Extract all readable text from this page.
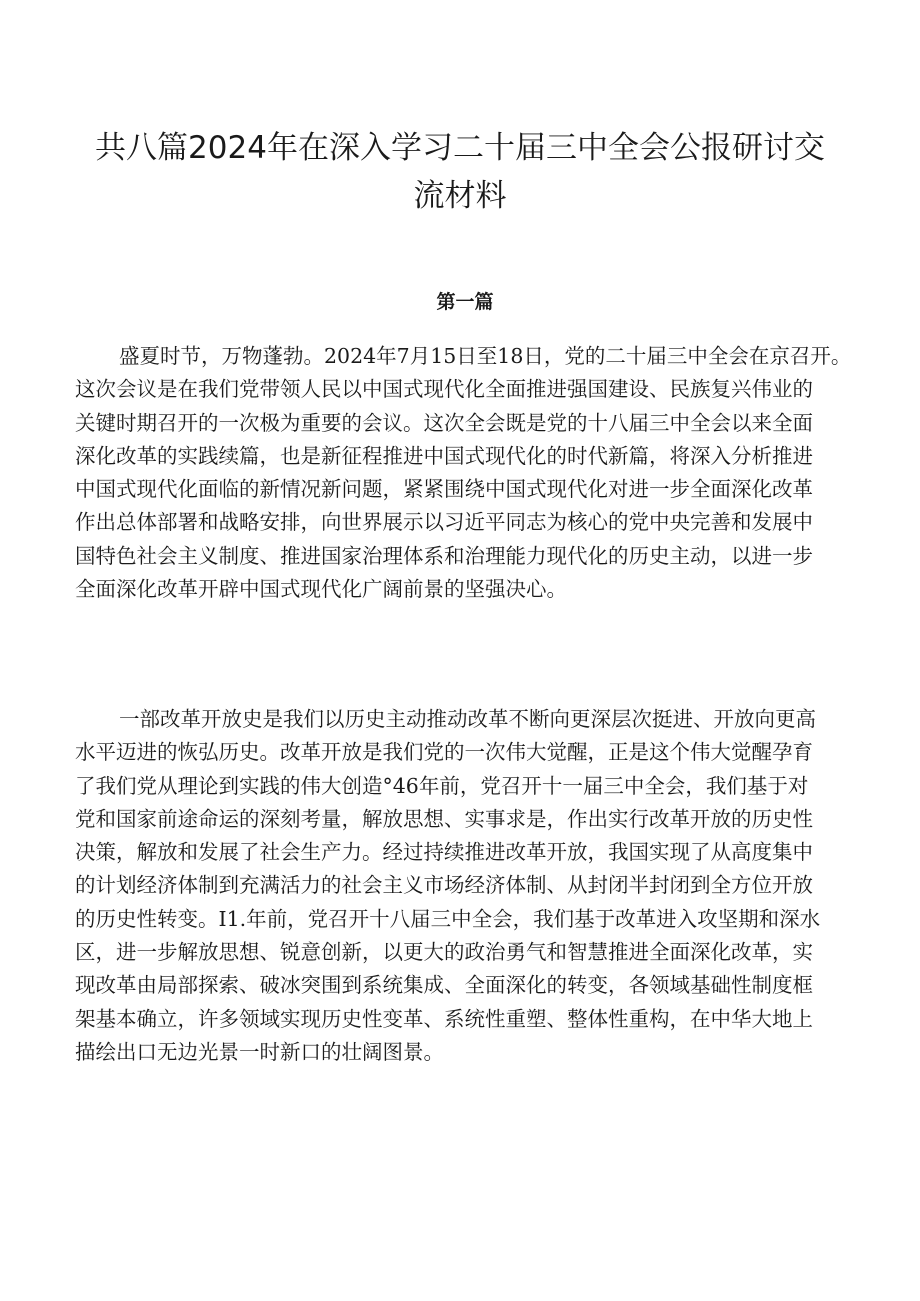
共八篇2024年在深入学习二十届三中全会公报研讨交
流材料
第一篇

盛夏时节，万物蓬勃。2024年7月15日至18日，党的二十届三中全会在京召开。
这次会议是在我们党带领人民以中国式现代化全面推进强国建设、民族复兴伟业的
关键时期召开的一次极为重要的会议。这次全会既是党的十八届三中全会以来全面
深化改革的实践续篇，也是新征程推进中国式现代化的时代新篇，将深入分析推进
中国式现代化面临的新情况新问题，紧紧围绕中国式现代化对进一步全面深化改革
作出总体部署和战略安排，向世界展示以习近平同志为核心的党中央完善和发展中
国特色社会主义制度、推进国家治理体系和治理能力现代化的历史主动，以进一步
全面深化改革开辟中国式现代化广阔前景的坚强决心。

一部改革开放史是我们以历史主动推动改革不断向更深层次挺进、开放向更高
水平迈进的恢弘历史。改革开放是我们党的一次伟大觉醒，正是这个伟大觉醒孕育
了我们党从理论到实践的伟大创造°46年前，党召开十一届三中全会，我们基于对
党和国家前途命运的深刻考量，解放思想、实事求是，作出实行改革开放的历史性
决策，解放和发展了社会生产力。经过持续推进改革开放，我国实现了从高度集中
的计划经济体制到充满活力的社会主义市场经济体制、从封闭半封闭到全方位开放
的历史性转变。I1.年前，党召开十八届三中全会，我们基于改革进入攻坚期和深水
区，进一步解放思想、锐意创新，以更大的政治勇气和智慧推进全面深化改革，实
现改革由局部探索、破冰突围到系统集成、全面深化的转变，各领域基础性制度框
架基本确立，许多领域实现历史性变革、系统性重塑、整体性重构，在中华大地上
描绘出口无边光景一时新口的壮阔图景。
